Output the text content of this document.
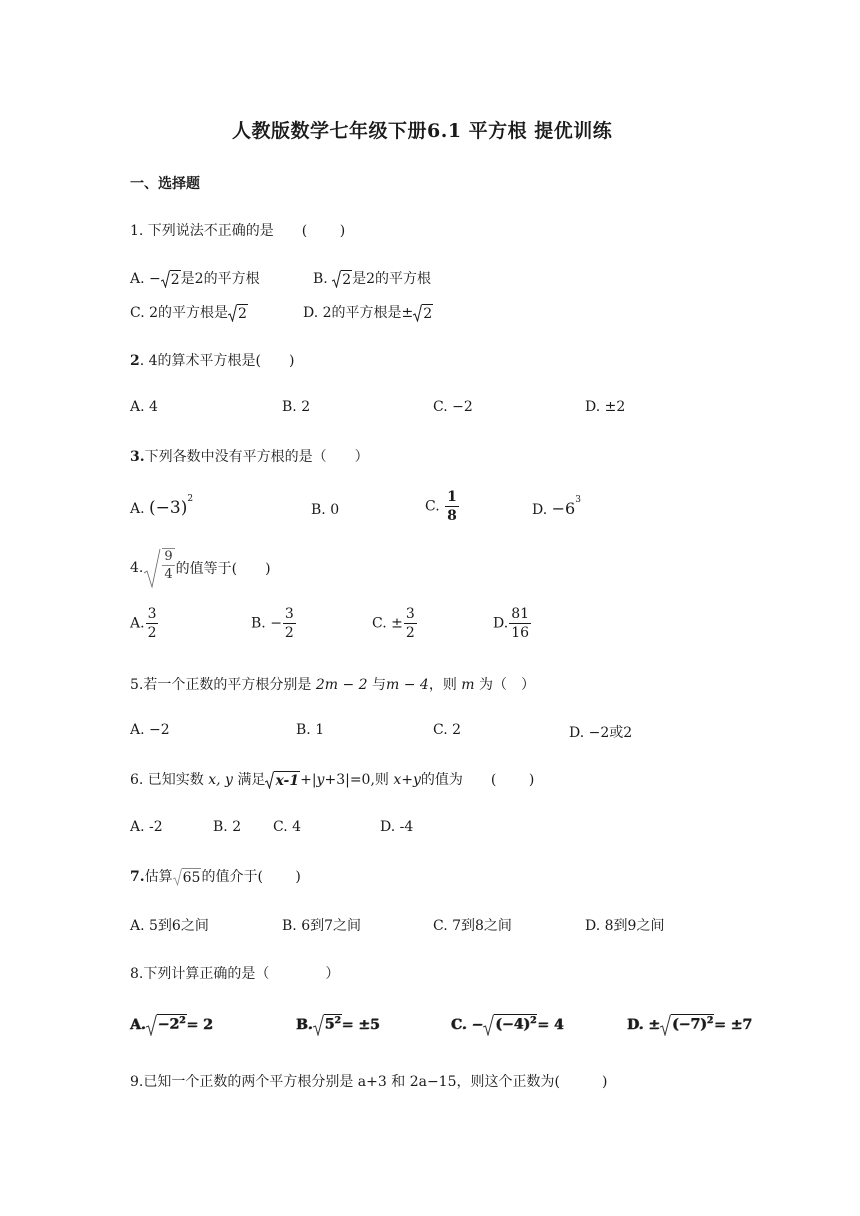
人教版数学七年级下册6.1 平方根 提优训练
一、选择题
1. 下列说法不正确的是　　(　　 )
A. − 2 是2的平方根	B. 2 是2的平方根
C. 2的平方根是 2	D. 2的平方根是± 2
2. 4的算术平方根是(　　)
A. 4	B. 2	C. −2	D. ±2
3.下列各数中没有平方根的是（　　）
A. $(-3)^2$
B. 0	C. $\frac{1}{8}$	D. $-6^3$
4. $\frac{9}{4}$ 的值等于(　　)
A. $\frac{3}{2}$	B. − $\frac{3}{2}$	C. ± $\frac{3}{2}$	D. $\frac{81}{16}$
5.若一个正数的平方根分别是 2m − 2 与m − 4，则 m 为（　）
A. −2	B. 1	C. 2	D. −2或2
6. 已知实数 x, y 满足 x-1 +|y+3|=0,则 x+y的值为　　(　　 )
A. -2	B. 2 C. 4	D. -4
7.估算 65 的值介于(　　 )
A. 5到6之间	B. 6到7之间	C. 7到8之间	D. 8到9之间
8.下列计算正确的是（　　　　）
A. $-2^2 = 2$	B. $5^2 = \pm 5$	C. − $(-4)^2 = 4$	D. ± $(-7)^2 = \pm 7$
9.已知一个正数的两个平方根分别是 a+3 和 2a−15，则这个正数为(　　　)
